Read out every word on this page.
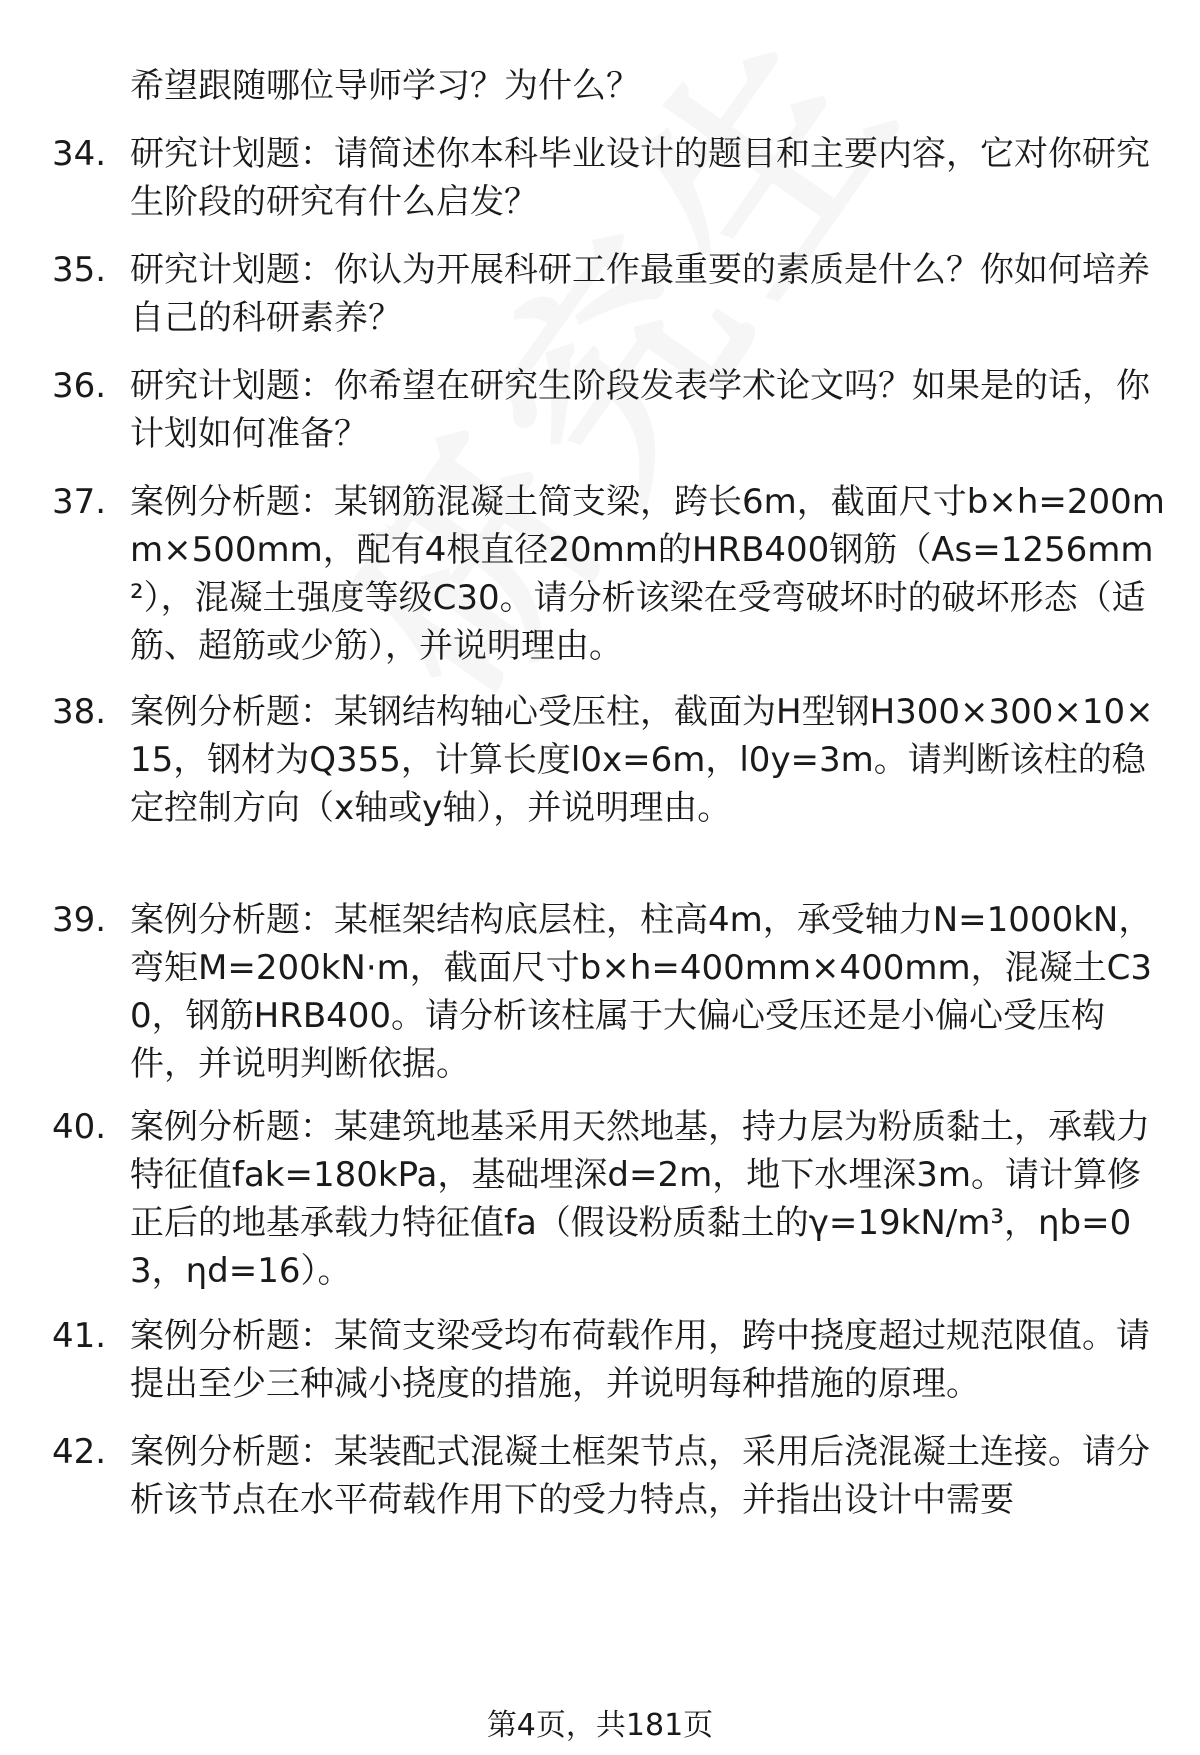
希望跟随哪位导师学习？为什么？

34. 研究计划题：请简述你本科毕业设计的题目和主要内容，它对你研究生阶段的研究有什么启发？
35. 研究计划题：你认为开展科研工作最重要的素质是什么？你如何培养自己的科研素养？
36. 研究计划题：你希望在研究生阶段发表学术论文吗？如果是的话，你计划如何准备？
37. 案例分析题：某钢筋混凝土简支梁，跨长6m，截面尺寸b×h=200mm×500mm，配有4根直径20mm的HRB400钢筋（As=1256mm²），混凝土强度等级C30。请分析该梁在受弯破坏时的破坏形态（适筋、超筋或少筋），并说明理由。
38. 案例分析题：某钢结构轴心受压柱，截面为H型钢H300×300×10×15，钢材为Q355，计算长度l0x=6m，l0y=3m。请判断该柱的稳定控制方向（x轴或y轴），并说明理由。
39. 案例分析题：某框架结构底层柱，柱高4m，承受轴力N=1000kN，弯矩M=200kN·m，截面尺寸b×h=400mm×400mm，混凝土C30，钢筋HRB400。请分析该柱属于大偏心受压还是小偏心受压构件，并说明判断依据。
40. 案例分析题：某建筑地基采用天然地基，持力层为粉质黏土，承载力特征值fak=180kPa，基础埋深d=2m，地下水埋深3m。请计算修正后的地基承载力特征值fa（假设粉质黏土的γ=19kN/m³，ηb=03，ηd=16）。
41. 案例分析题：某简支梁受均布荷载作用，跨中挠度超过规范限值。请提出至少三种减小挠度的措施，并说明每种措施的原理。
42. 案例分析题：某装配式混凝土框架节点，采用后浇混凝土连接。请分析该节点在水平荷载作用下的受力特点，并指出设计中需要
第4页，共181页
